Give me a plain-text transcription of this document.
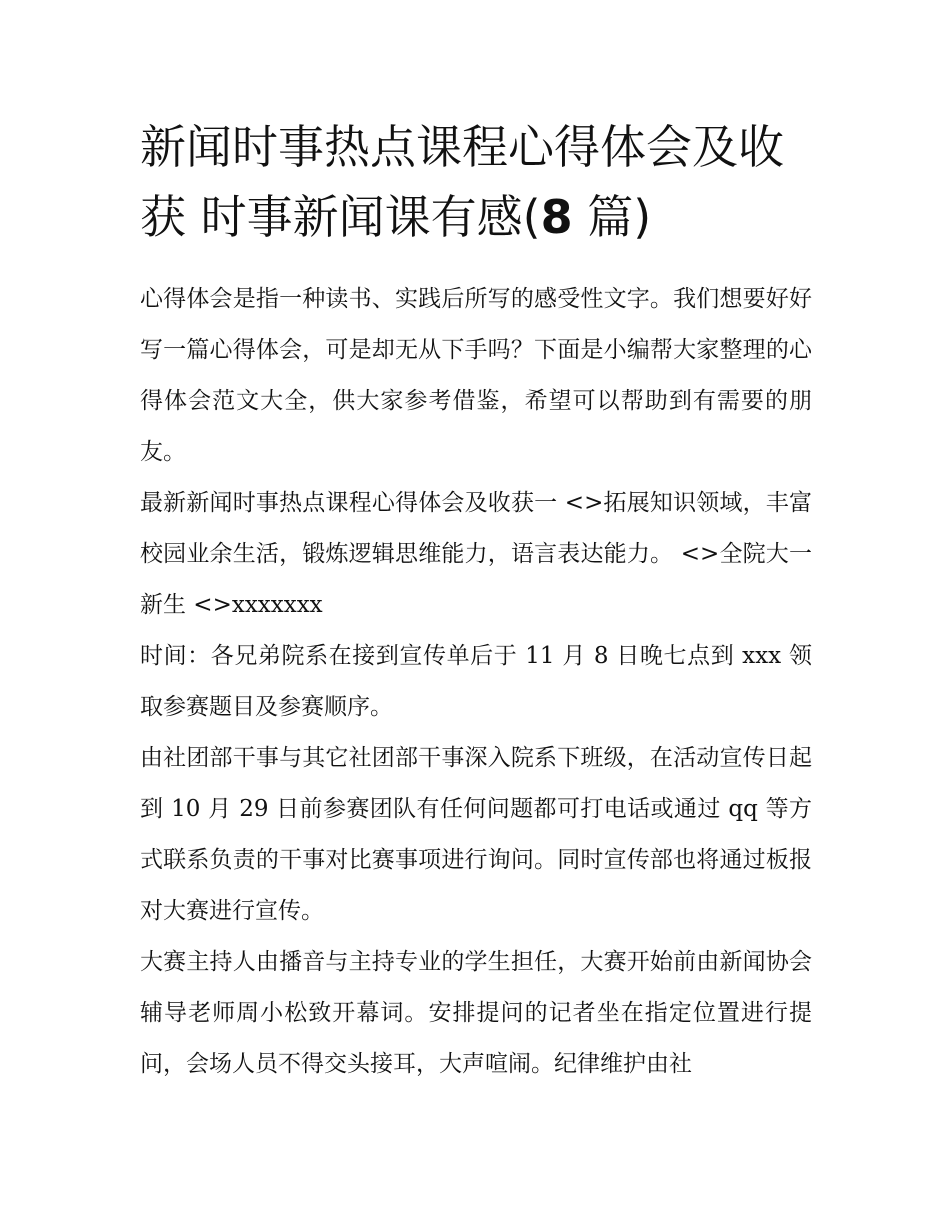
新闻时事热点课程心得体会及收获 时事新闻课有感(8 篇)

心得体会是指一种读书、实践后所写的感受性文字。我们想要好好写一篇心得体会，可是却无从下手吗？下面是小编帮大家整理的心得体会范文大全，供大家参考借鉴，希望可以帮助到有需要的朋友。

最新新闻时事热点课程心得体会及收获一 <>拓展知识领域，丰富校园业余生活，锻炼逻辑思维能力，语言表达能力。 <>全院大一新生 <>xxxxxxx

时间：各兄弟院系在接到宣传单后于 11 月 8 日晚七点到 xxx 领取参赛题目及参赛顺序。

由社团部干事与其它社团部干事深入院系下班级，在活动宣传日起到 10 月 29 日前参赛团队有任何问题都可打电话或通过 qq 等方式联系负责的干事对比赛事项进行询问。同时宣传部也将通过板报对大赛进行宣传。

大赛主持人由播音与主持专业的学生担任，大赛开始前由新闻协会辅导老师周小松致开幕词。安排提问的记者坐在指定位置进行提问，会场人员不得交头接耳，大声喧闹。纪律维护由社
